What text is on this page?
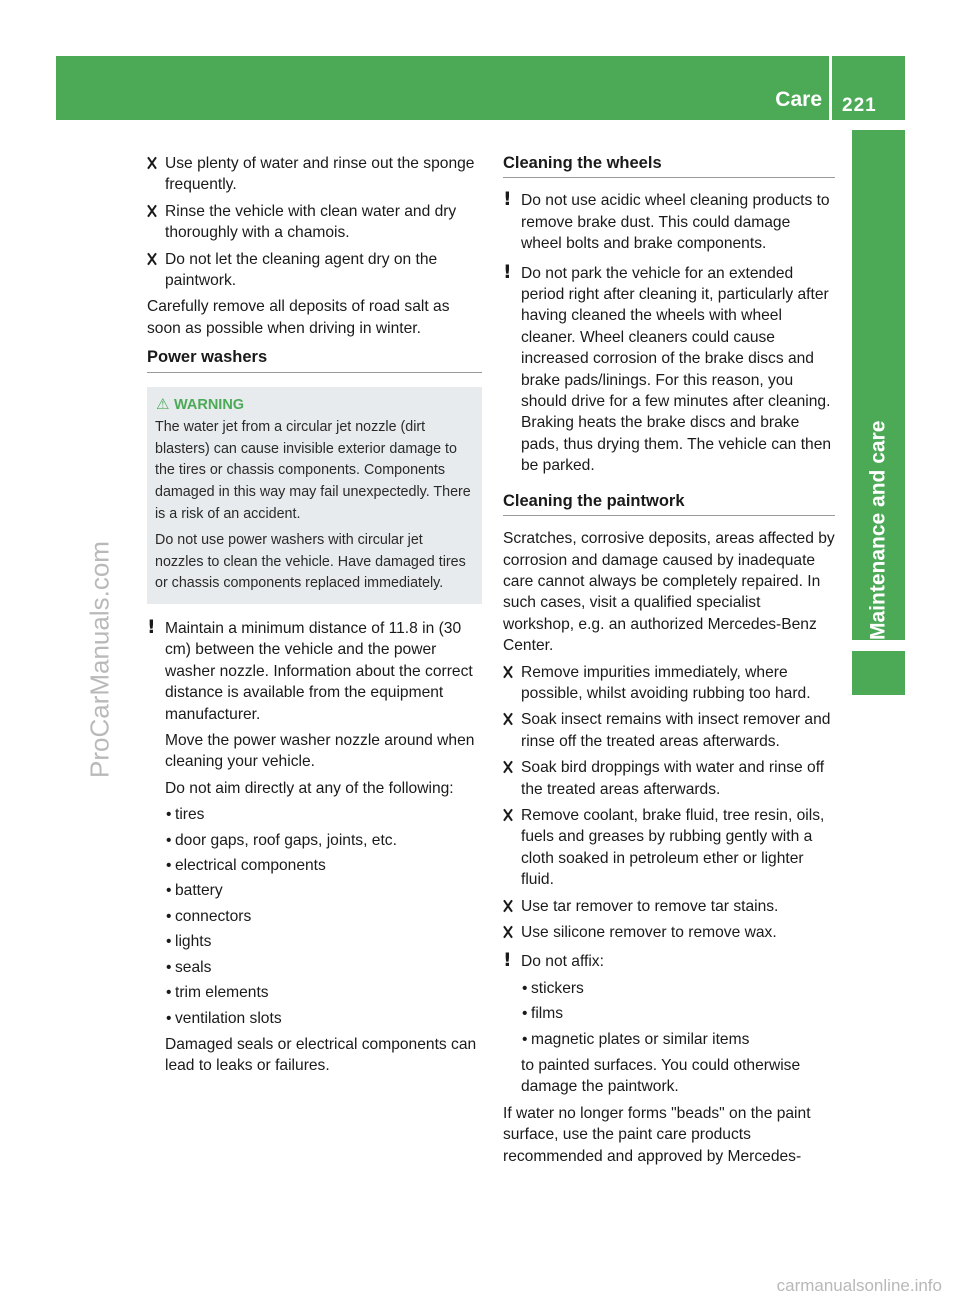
Care 221
Maintenance and care
ProCarManuals.com
carmanualsonline.info
Use plenty of water and rinse out the sponge frequently.
Rinse the vehicle with clean water and dry thoroughly with a chamois.
Do not let the cleaning agent dry on the paintwork.

Carefully remove all deposits of road salt as soon as possible when driving in winter.

Power washers
⚠ WARNING

The water jet from a circular jet nozzle (dirt blasters) can cause invisible exterior damage to the tires or chassis components. Components damaged in this way may fail unexpectedly. There is a risk of an accident.

Do not use power washers with circular jet nozzles to clean the vehicle. Have damaged tires or chassis components replaced immediately.

! Maintain a minimum distance of 11.8 in (30 cm) between the vehicle and the power washer nozzle. Information about the correct distance is available from the equipment manufacturer.

Move the power washer nozzle around when cleaning your vehicle.

Do not aim directly at any of the following:

• tires
• door gaps, roof gaps, joints, etc.
• electrical components
• battery
• connectors
• lights
• seals
• trim elements
• ventilation slots

Damaged seals or electrical components can lead to leaks or failures.

Cleaning the wheels
! Do not use acidic wheel cleaning products to remove brake dust. This could damage wheel bolts and brake components.

! Do not park the vehicle for an extended period right after cleaning it, particularly after having cleaned the wheels with wheel cleaner. Wheel cleaners could cause increased corrosion of the brake discs and brake pads/linings. For this reason, you should drive for a few minutes after cleaning. Braking heats the brake discs and brake pads, thus drying them. The vehicle can then be parked.

Cleaning the paintwork

Scratches, corrosive deposits, areas affected by corrosion and damage caused by inadequate care cannot always be completely repaired. In such cases, visit a qualified specialist workshop, e.g. an authorized Mercedes-Benz Center.

Remove impurities immediately, where possible, whilst avoiding rubbing too hard.
Soak insect remains with insect remover and rinse off the treated areas afterwards.
Soak bird droppings with water and rinse off the treated areas afterwards.
Remove coolant, brake fluid, tree resin, oils, fuels and greases by rubbing gently with a cloth soaked in petroleum ether or lighter fluid.
Use tar remover to remove tar stains.
Use silicone remover to remove wax.
! Do not affix:

• stickers
• films
• magnetic plates or similar items

to painted surfaces. You could otherwise damage the paintwork.

If water no longer forms "beads" on the paint surface, use the paint care products recommended and approved by Mercedes-
